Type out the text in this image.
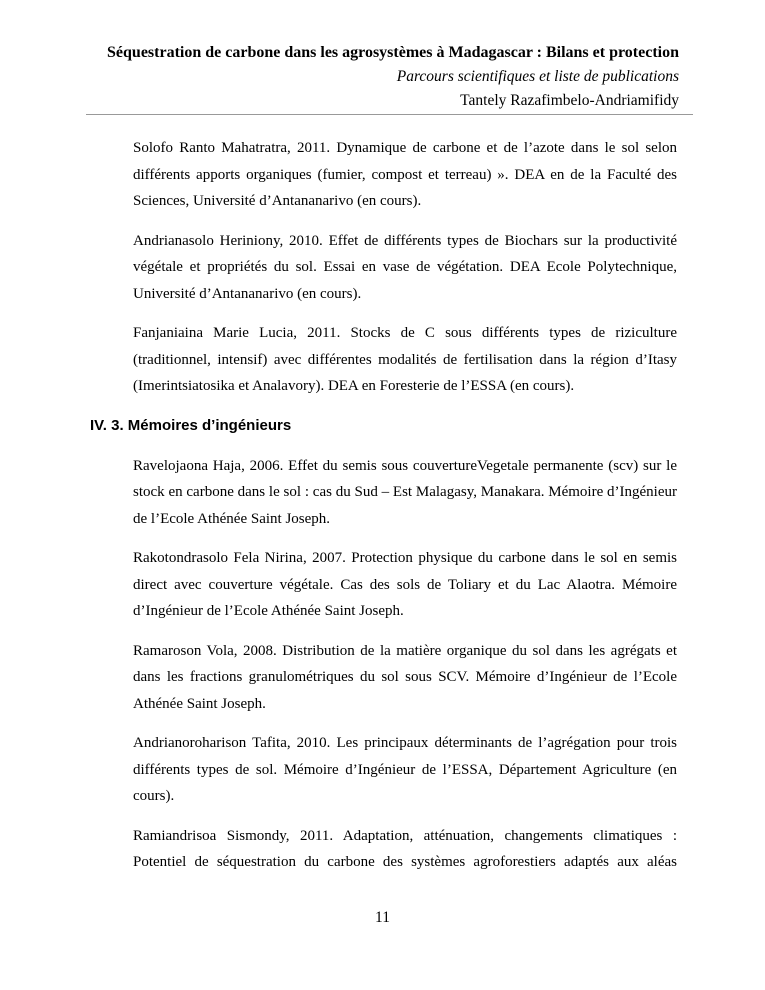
Séquestration de carbone dans les agrosystèmes à Madagascar : Bilans et protection
Parcours scientifiques et liste de publications
Tantely Razafimbelo-Andriamifidy

Solofo Ranto Mahatratra, 2011. Dynamique de carbone et de l’azote dans le sol selon différents apports organiques (fumier, compost et terreau) ». DEA en de la Faculté des Sciences, Université d’Antananarivo (en cours).

Andrianasolo Heriniony, 2010. Effet de différents types de Biochars sur la productivité végétale et propriétés du sol. Essai en vase de végétation. DEA Ecole Polytechnique, Université d’Antananarivo (en cours).

Fanjaniaina Marie Lucia, 2011. Stocks de C sous différents types de riziculture (traditionnel, intensif) avec différentes modalités de fertilisation dans la région d’Itasy (Imerintsiatosika et Analavory). DEA en Foresterie de l’ESSA (en cours).

IV. 3. Mémoires d’ingénieurs

Ravelojaona Haja, 2006. Effet du semis sous couvertureVegetale permanente (scv) sur le stock en carbone dans le sol : cas du Sud – Est Malagasy, Manakara. Mémoire d’Ingénieur de l’Ecole Athénée Saint Joseph.

Rakotondrasolo Fela Nirina, 2007. Protection physique du carbone dans le sol en semis direct avec couverture végétale. Cas des sols de Toliary et du Lac Alaotra. Mémoire d’Ingénieur de l’Ecole Athénée Saint Joseph.

Ramaroson Vola, 2008. Distribution de la matière organique du sol dans les agrégats et dans les fractions granulométriques du sol sous SCV. Mémoire d’Ingénieur de l’Ecole Athénée Saint Joseph.

Andrianoroharison Tafita, 2010. Les principaux déterminants de l’agrégation pour trois différents types de sol. Mémoire d’Ingénieur de l’ESSA, Département Agriculture (en cours).

Ramiandrisoa Sismondy, 2011. Adaptation, atténuation, changements climatiques : Potentiel de séquestration du carbone des systèmes agroforestiers adaptés aux aléas

11
